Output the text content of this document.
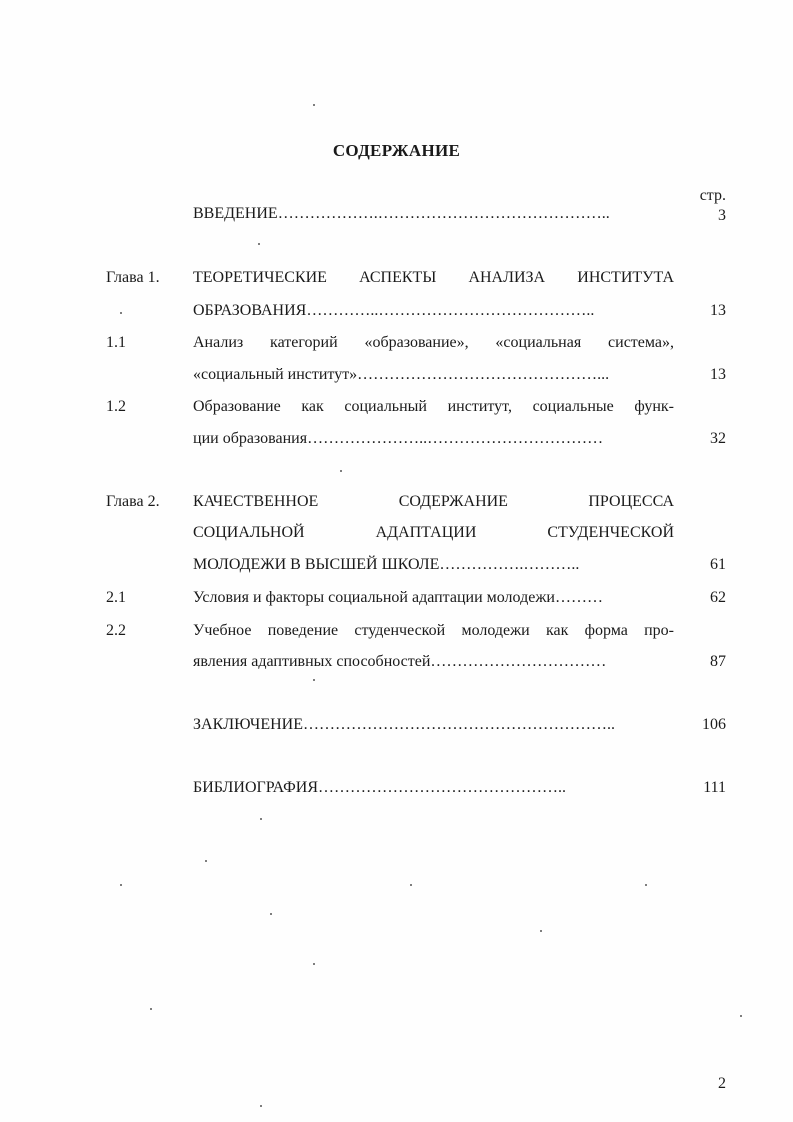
СОДЕРЖАНИЕ
стр.
ВВЕДЕНИЕ……………….……………………………………..	3
Глава 1. ТЕОРЕТИЧЕСКИЕ АСПЕКТЫ АНАЛИЗА ИНСТИТУТА
ОБРАЗОВАНИЯ…………..…………………………………..	13
1.1	Анализ категорий «образование», «социальная система»,
«социальный институт»………………………………………...	13
1.2	Образование как социальный институт, социальные функ-
ции образования…………………..……………………………	32
Глава 2. КАЧЕСТВЕННОЕ СОДЕРЖАНИЕ ПРОЦЕССА
СОЦИАЛЬНОЙ АДАПТАЦИИ СТУДЕНЧЕСКОЙ
МОЛОДЕЖИ В ВЫСШЕЙ ШКОЛЕ…………….………..	61
2.1	Условия и факторы социальной адаптации молодежи………	62
2.2	Учебное поведение студенческой молодежи как форма про-
явления адаптивных способностей……………………………	87
ЗАКЛЮЧЕНИЕ…………………………………………………..	106
БИБЛИОГРАФИЯ………………………………………..	111
2
